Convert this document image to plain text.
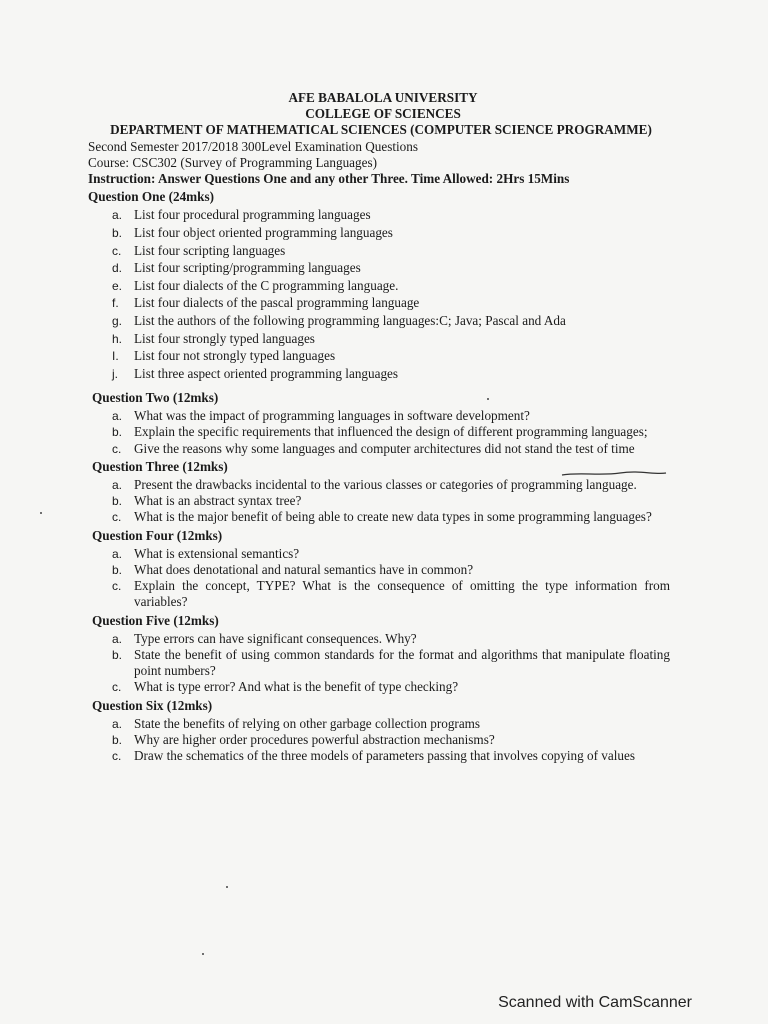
AFE BABALOLA UNIVERSITY
COLLEGE OF SCIENCES
DEPARTMENT OF MATHEMATICAL SCIENCES (COMPUTER SCIENCE PROGRAMME)
Second Semester 2017/2018 300Level Examination Questions
Course: CSC302 (Survey of Programming Languages)
Instruction: Answer Questions One and any other Three. Time Allowed: 2Hrs 15Mins
Question One (24mks)
a. List four procedural programming languages
b. List four object oriented programming languages
c. List four scripting languages
d. List four scripting/programming languages
e. List four dialects of the C programming language.
f.	List four dialects of the pascal programming language
g. List the authors of the following programming languages:C; Java; Pascal and Ada
h. List four strongly typed languages
I.	List four not strongly typed languages
j.	List three aspect oriented programming languages
Question Two (12mks)
a. What was the impact of programming languages in software development?
b. Explain the specific requirements that influenced the design of different programming languages;
c. Give the reasons why some languages and computer architectures did not stand the test of time
Question Three (12mks)
a. Present the drawbacks incidental to the various classes or categories of programming language.
b. What is an abstract syntax tree?
c. What is the major benefit of being able to create new data types in some programming languages?
Question Four (12mks)
a. What is extensional semantics?
b. What does denotational and natural semantics have in common?
c. Explain the concept, TYPE? What is the consequence of omitting the type information from variables?
Question Five (12mks)
a. Type errors can have significant consequences. Why?
b. State the benefit of using common standards for the format and algorithms that manipulate floating point numbers?
c. What is type error? And what is the benefit of type checking?
Question Six (12mks)
a. State the benefits of relying on other garbage collection programs
b. Why are higher order procedures powerful abstraction mechanisms?
c. Draw the schematics of the three models of parameters passing that involves copying of values
Scanned with CamScanner
